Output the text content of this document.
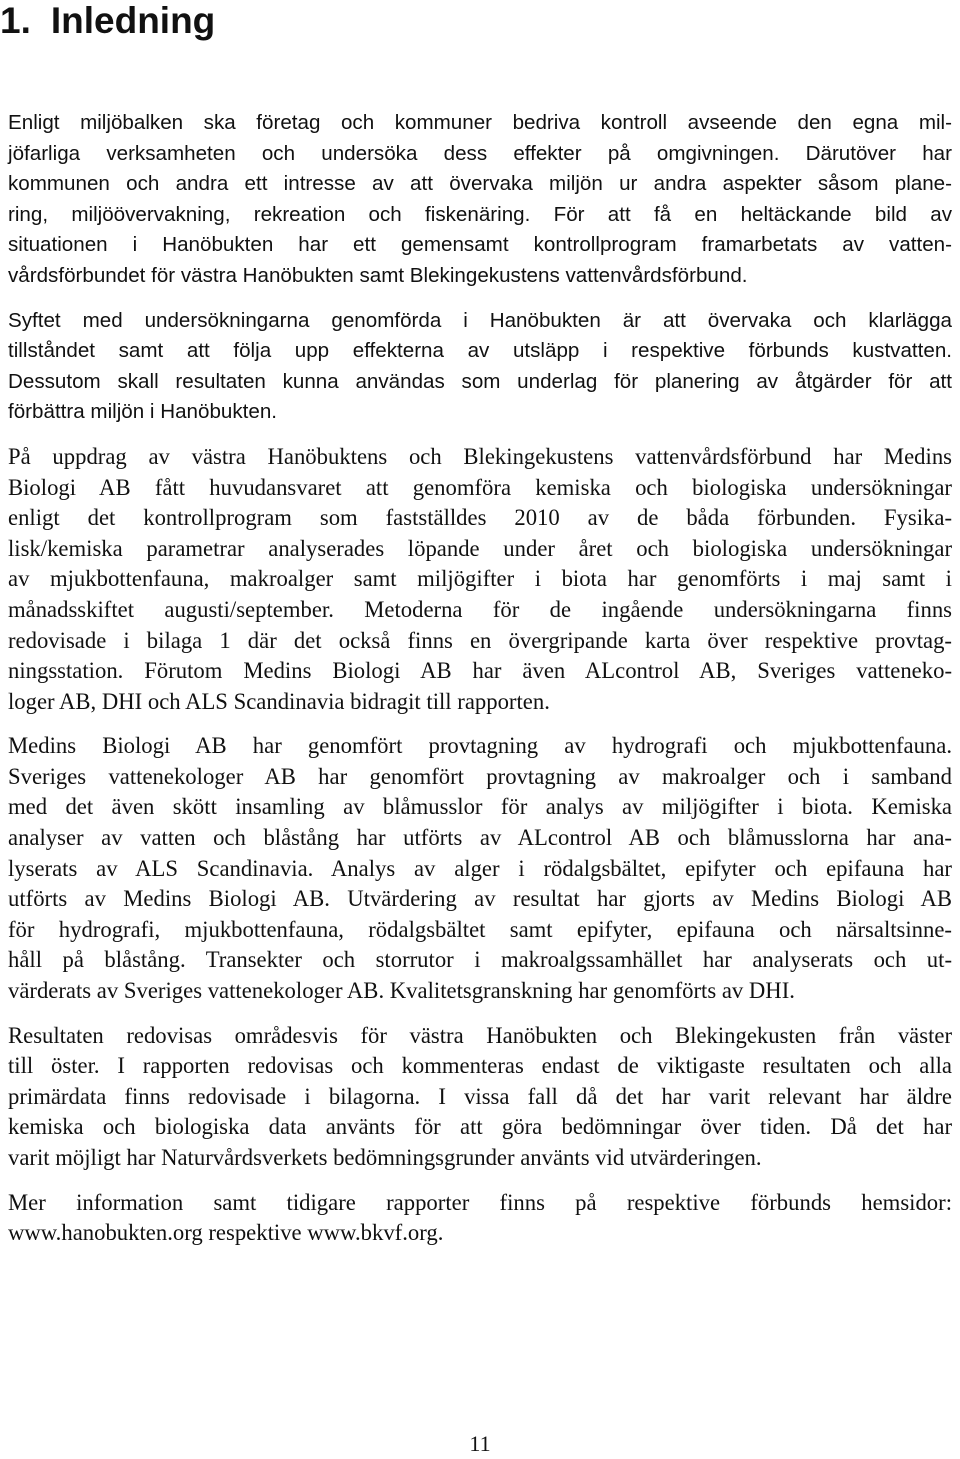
1. Inledning
Enligt miljöbalken ska företag och kommuner bedriva kontroll avseende den egna mil-
jöfarliga verksamheten och undersöka dess effekter på omgivningen. Därutöver har
kommunen och andra ett intresse av att övervaka miljön ur andra aspekter såsom plane-
ring, miljöövervakning, rekreation och fiskenäring. För att få en heltäckande bild av
situationen i Hanöbukten har ett gemensamt kontrollprogram framarbetats av vatten-
vårdsförbundet för västra Hanöbukten samt Blekingekustens vattenvårdsförbund.
Syftet med undersökningarna genomförda i Hanöbukten är att övervaka och klarlägga
tillståndet samt att följa upp effekterna av utsläpp i respektive förbunds kustvatten.
Dessutom skall resultaten kunna användas som underlag för planering av åtgärder för att
förbättra miljön i Hanöbukten.
På uppdrag av västra Hanöbuktens och Blekingekustens vattenvårdsförbund har Medins
Biologi AB fått huvudansvaret att genomföra kemiska och biologiska undersökningar
enligt det kontrollprogram som fastställdes 2010 av de båda förbunden. Fysika-
lisk/kemiska parametrar analyserades löpande under året och biologiska undersökningar
av mjukbottenfauna, makroalger samt miljögifter i biota har genomförts i maj samt i
månadsskiftet augusti/september. Metoderna för de ingående undersökningarna finns
redovisade i bilaga 1 där det också finns en övergripande karta över respektive provtag-
ningsstation. Förutom Medins Biologi AB har även ALcontrol AB, Sveriges vatteneko-
loger AB, DHI och ALS Scandinavia bidragit till rapporten.
Medins Biologi AB har genomfört provtagning av hydrografi och mjukbottenfauna.
Sveriges vattenekologer AB har genomfört provtagning av makroalger och i samband
med det även skött insamling av blåmusslor för analys av miljögifter i biota. Kemiska
analyser av vatten och blåstång har utförts av ALcontrol AB och blåmusslorna har ana-
lyserats av ALS Scandinavia. Analys av alger i rödalgsbältet, epifyter och epifauna har
utförts av Medins Biologi AB. Utvärdering av resultat har gjorts av Medins Biologi AB
för hydrografi, mjukbottenfauna, rödalgsbältet samt epifyter, epifauna och närsaltsinne-
håll på blåstång. Transekter och storrutor i makroalgssamhället har analyserats och ut-
värderats av Sveriges vattenekologer AB. Kvalitetsgranskning har genomförts av DHI.
Resultaten redovisas områdesvis för västra Hanöbukten och Blekingekusten från väster
till öster. I rapporten redovisas och kommenteras endast de viktigaste resultaten och alla
primärdata finns redovisade i bilagorna. I vissa fall då det har varit relevant har äldre
kemiska och biologiska data använts för att göra bedömningar över tiden. Då det har
varit möjligt har Naturvårdsverkets bedömningsgrunder använts vid utvärderingen.
Mer information samt tidigare rapporter finns på respektive förbunds hemsidor:
www.hanobukten.org respektive www.bkvf.org.
11
